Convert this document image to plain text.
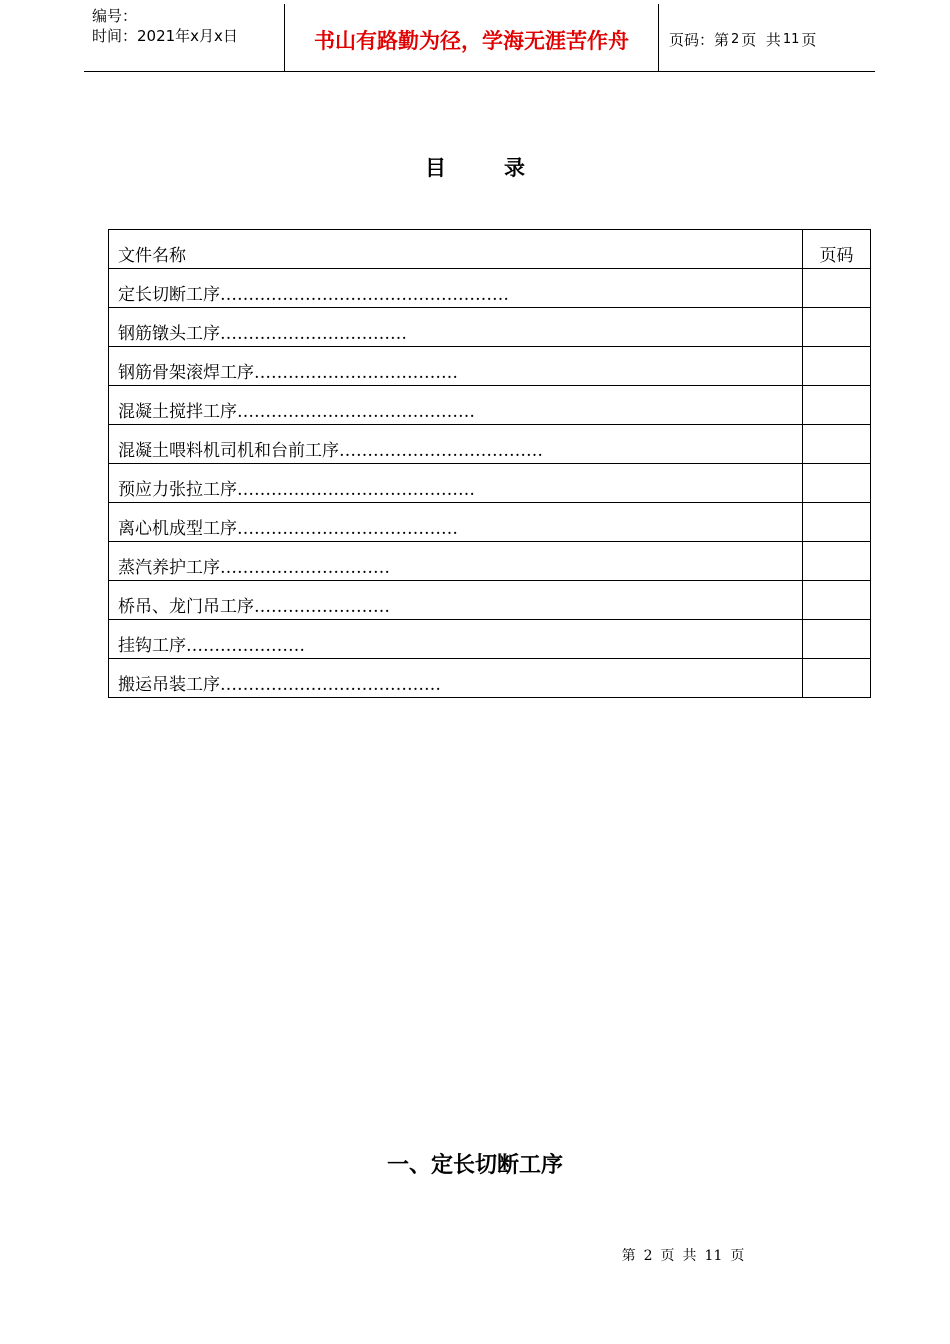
编号：
时间：2021年x月x日	书山有路勤为径，学海无涯苦作舟	页码：第 2 页  共 11 页
目	录
文件名称	页码
定长切断工序……………………………………………	
钢筋镦头工序……………………………	
钢筋骨架滚焊工序………………………………	
混凝土搅拌工序……………………………………	
混凝土喂料机司机和台前工序………………………………	
预应力张拉工序……………………………………	
离心机成型工序…………………………………	
蒸汽养护工序…………………………	
桥吊、龙门吊工序……………………	
挂钩工序…………………	
搬运吊装工序…………………………………	
一、定长切断工序
第 2 页 共 11 页
